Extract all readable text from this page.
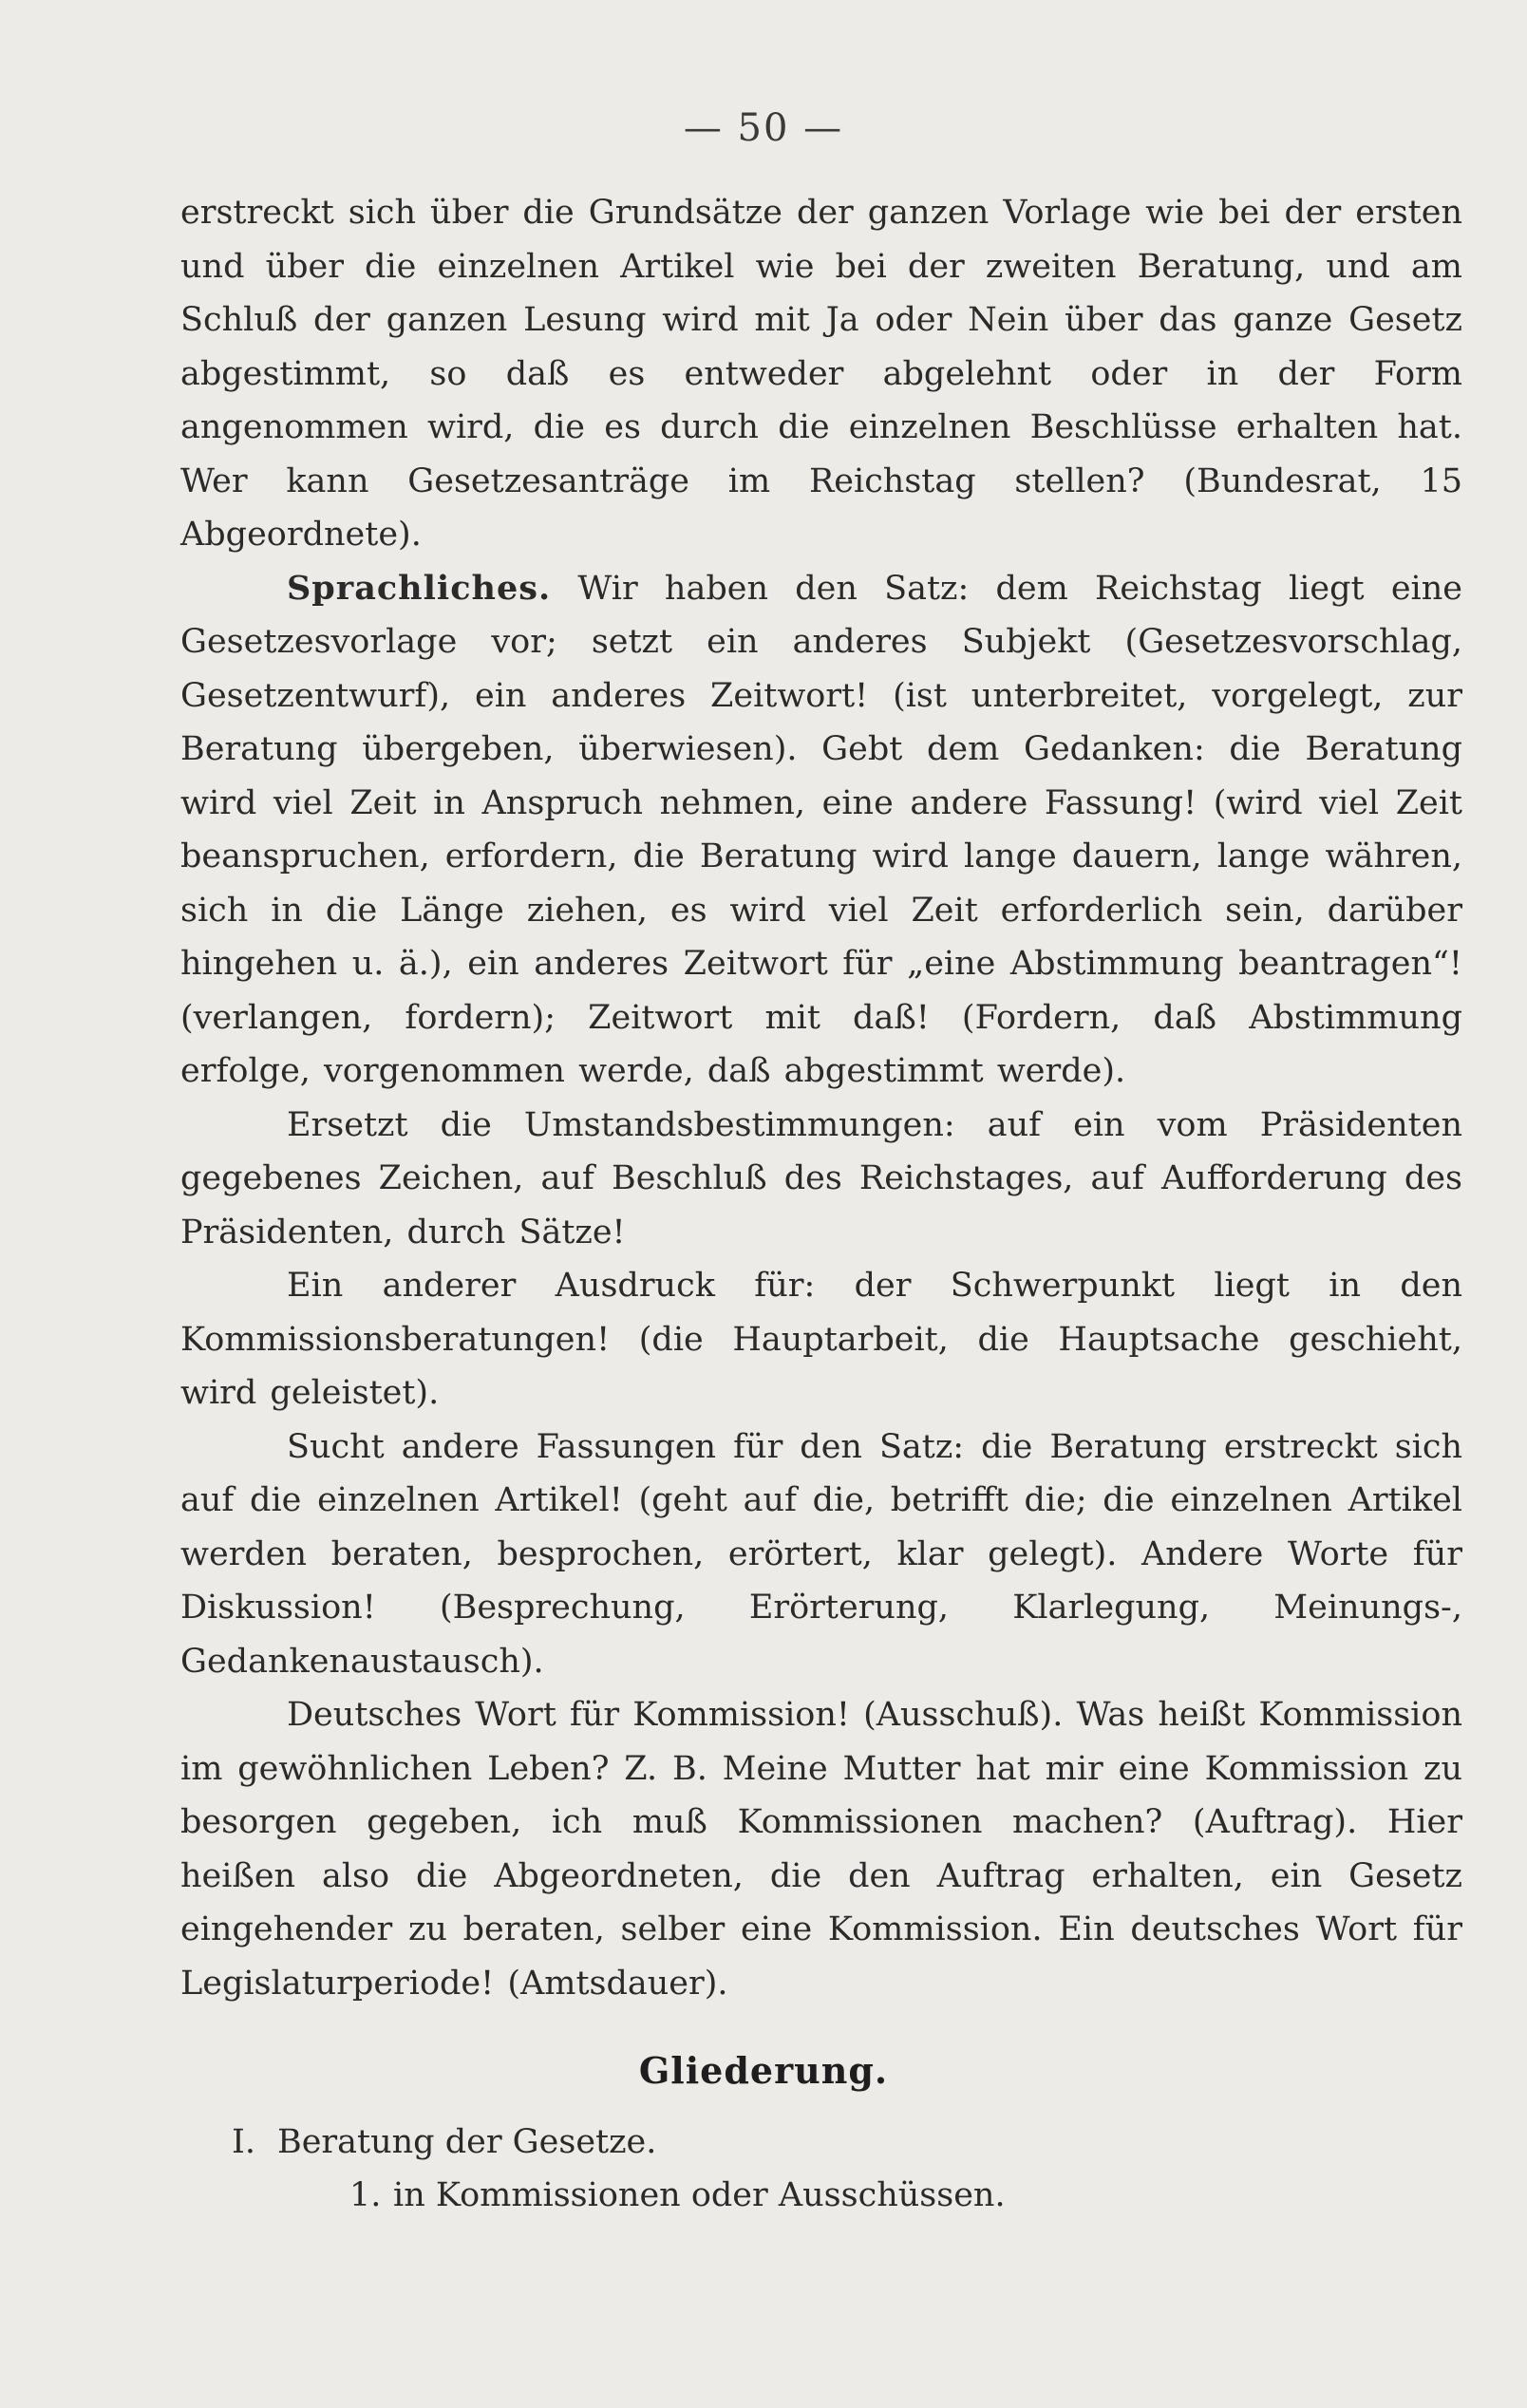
— 50 —

erstreckt sich über die Grundsätze der ganzen Vorlage wie bei der ersten und über die einzelnen Artikel wie bei der zweiten Beratung, und am Schluß der ganzen Lesung wird mit Ja oder Nein über das ganze Gesetz abgestimmt, so daß es entweder abgelehnt oder in der Form angenommen wird, die es durch die einzelnen Beschlüsse erhalten hat. Wer kann Gesetzesanträge im Reichstag stellen? (Bundesrat, 15 Abgeordnete).

Sprachliches. Wir haben den Satz: dem Reichstag liegt eine Gesetzesvorlage vor; setzt ein anderes Subjekt (Gesetzesvorschlag, Gesetzentwurf), ein anderes Zeitwort! (ist unterbreitet, vorgelegt, zur Beratung übergeben, überwiesen). Gebt dem Gedanken: die Beratung wird viel Zeit in Anspruch nehmen, eine andere Fassung! (wird viel Zeit beanspruchen, erfordern, die Beratung wird lange dauern, lange währen, sich in die Länge ziehen, es wird viel Zeit erforderlich sein, darüber hingehen u. ä.), ein anderes Zeitwort für „eine Abstimmung beantragen“! (verlangen, fordern); Zeitwort mit daß! (Fordern, daß Abstimmung erfolge, vorgenommen werde, daß abgestimmt werde).

Ersetzt die Umstandsbestimmungen: auf ein vom Präsidenten gegebenes Zeichen, auf Beschluß des Reichstages, auf Aufforderung des Präsidenten, durch Sätze!

Ein anderer Ausdruck für: der Schwerpunkt liegt in den Kommissionsberatungen! (die Hauptarbeit, die Hauptsache geschieht, wird geleistet).

Sucht andere Fassungen für den Satz: die Beratung erstreckt sich auf die einzelnen Artikel! (geht auf die, betrifft die; die einzelnen Artikel werden beraten, besprochen, erörtert, klar gelegt). Andere Worte für Diskussion! (Besprechung, Erörterung, Klarlegung, Meinungs-, Gedankenaustausch).

Deutsches Wort für Kommission! (Ausschuß). Was heißt Kommission im gewöhnlichen Leben? Z. B. Meine Mutter hat mir eine Kommission zu besorgen gegeben, ich muß Kommissionen machen? (Auftrag). Hier heißen also die Abgeordneten, die den Auftrag erhalten, ein Gesetz eingehender zu beraten, selber eine Kommission. Ein deutsches Wort für Legislaturperiode! (Amtsdauer).

Gliederung.
I. Beratung der Gesetze.
1. in Kommissionen oder Ausschüssen.
